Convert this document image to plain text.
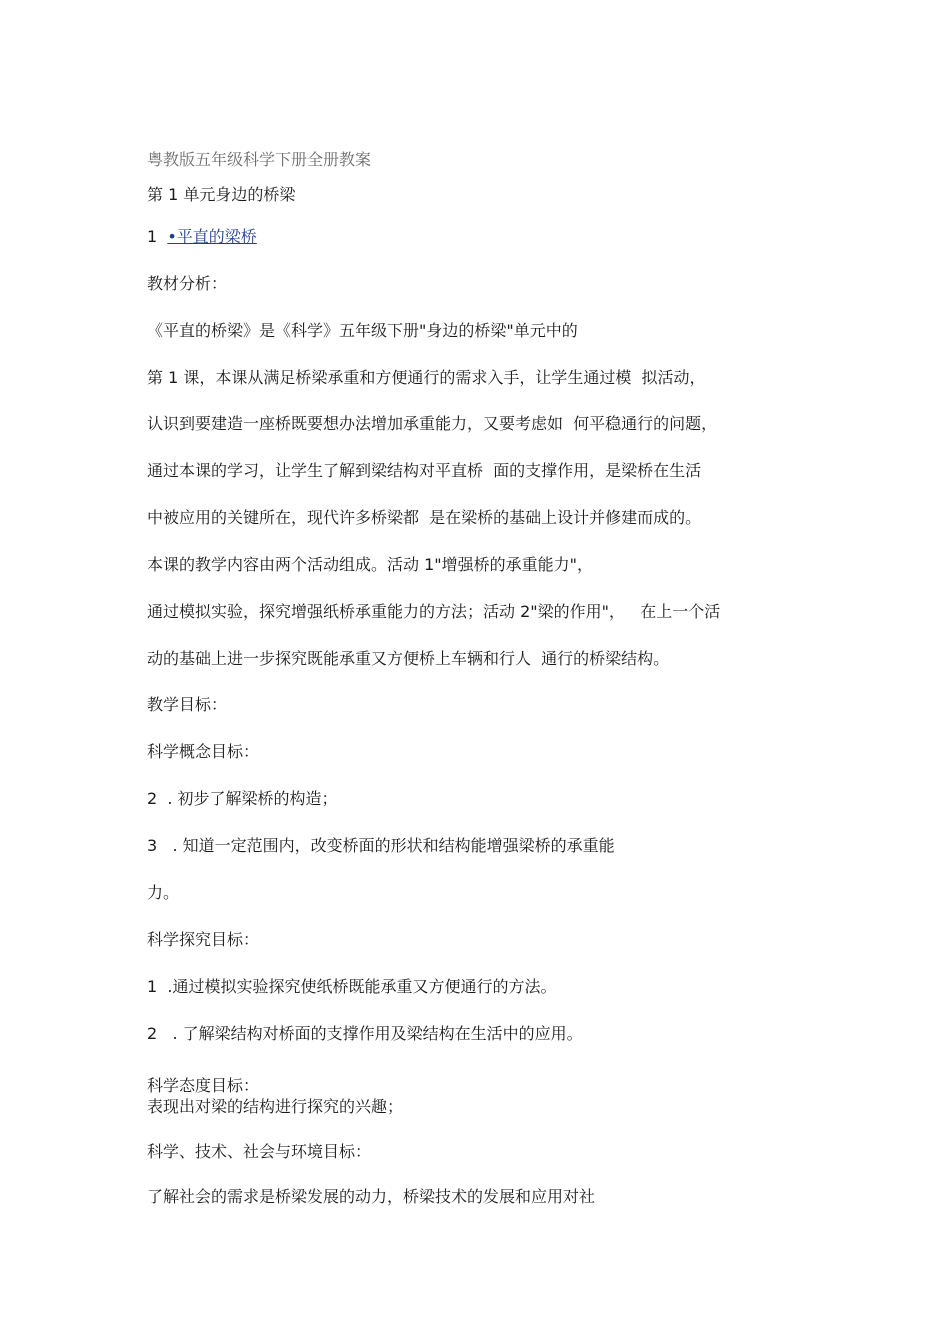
粤教版五年级科学下册全册教案
第 1 单元身边的桥梁
1 •平直的梁桥
教材分析：
《平直的桥梁》是《科学》五年级下册"身边的桥梁"单元中的
第 1 课，本课从满足桥梁承重和方便通行的需求入手，让学生通过模  拟活动，
认识到要建造一座桥既要想办法增加承重能力，又要考虑如  何平稳通行的问题，
通过本课的学习，让学生了解到梁结构对平直桥  面的支撑作用，是梁桥在生活
中被应用的关键所在，现代许多桥梁都  是在梁桥的基础上设计并修建而成的。
本课的教学内容由两个活动组成。活动 1"增强桥的承重能力"，
通过模拟实验，探究增强纸桥承重能力的方法；活动 2"梁的作用"，   在上一个活
动的基础上进一步探究既能承重又方便桥上车辆和行人  通行的桥梁结构。
教学目标：
科学概念目标：
2  . 初步了解梁桥的构造；
3   . 知道一定范围内，改变桥面的形状和结构能增强梁桥的承重能
力。
科学探究目标：
1  .通过模拟实验探究使纸桥既能承重又方便通行的方法。
2   . 了解梁结构对桥面的支撑作用及梁结构在生活中的应用。
科学态度目标：
表现出对梁的结构进行探究的兴趣；
科学、技术、社会与环境目标：
了解社会的需求是桥梁发展的动力，桥梁技术的发展和应用对社
